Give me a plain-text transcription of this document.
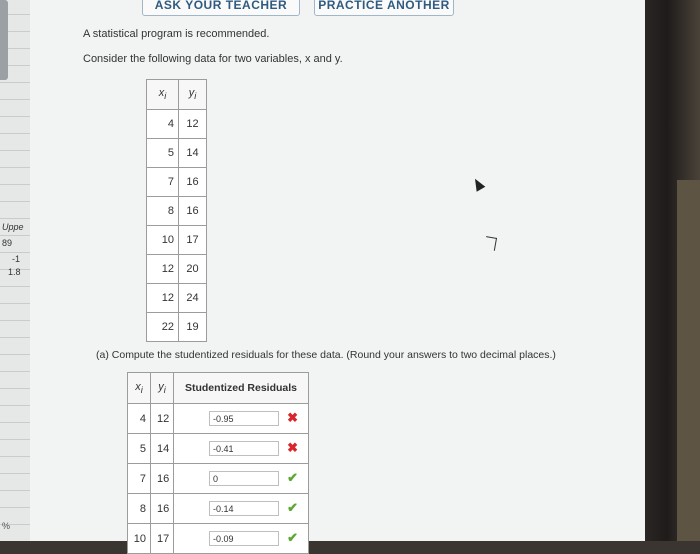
Uppe
89
-1
1.8
%
ASK YOUR TEACHER	PRACTICE ANOTHER
A statistical program is recommended.
Consider the following data for two variables, x and y.
$x_i$	$y_i$
4	12
5	14
7	16
8	16
10	17
12	20
12	24
22	19
(a) Compute the studentized residuals for these data. (Round your answers to two decimal places.)
$x_i$	$y_i$	Studentized Residuals
4	12	-0.95 ✖

5	14	-0.41 ✖

7	16	0 ✔

8	16	-0.14 ✔

10	17	-0.09 ✔
